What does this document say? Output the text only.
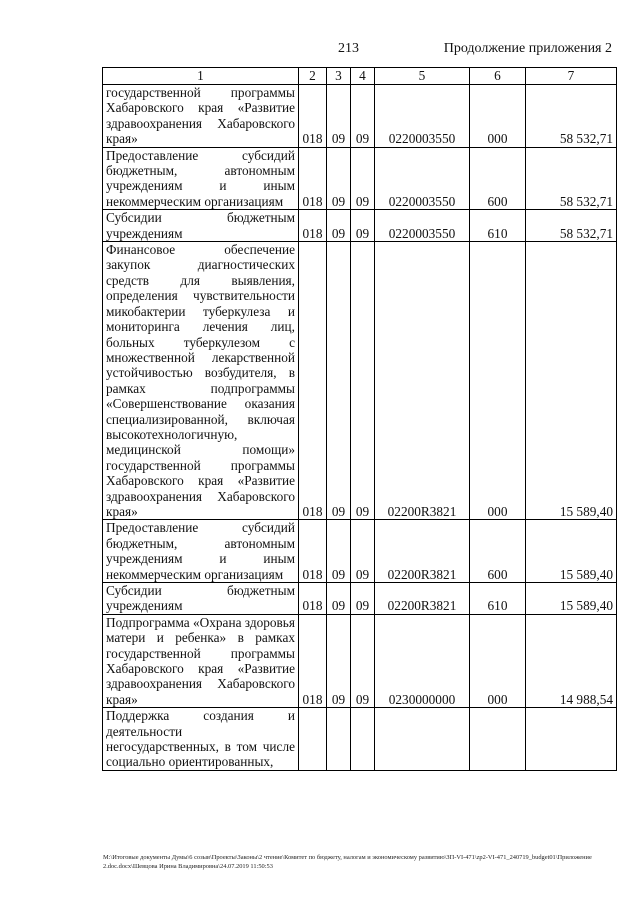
213	Продолжение приложения 2
1	2	3	4	5	6	7
государственной программы Хабаровского края «Развитие здравоохранения Хабаровского края»	018	09	09	0220003550	000	58 532,71
Предоставление субсидий бюджетным, автономным учреждениям и иным некоммерческим организациям	018	09	09	0220003550	600	58 532,71
Субсидии бюджетным учреждениям	018	09	09	0220003550	610	58 532,71
Финансовое обеспечение закупок диагностических средств для выявления, определения чувствительности микобактерии туберкулеза и мониторинга лечения лиц, больных туберкулезом с множественной лекарственной устойчивостью возбудителя, в рамках подпрограммы «Совершенствование оказания специализированной, включая высокотехнологичную, медицинской помощи» государственной программы Хабаровского края «Развитие здравоохранения Хабаровского края»	018	09	09	02200R3821	000	15 589,40
Предоставление субсидий бюджетным, автономным учреждениям и иным некоммерческим организациям	018	09	09	02200R3821	600	15 589,40
Субсидии бюджетным учреждениям	018	09	09	02200R3821	610	15 589,40
Подпрограмма «Охрана здоровья матери и ребенка» в рамках государственной программы Хабаровского края «Развитие здравоохранения Хабаровского края»	018	09	09	0230000000	000	14 988,54
Поддержка создания и деятельности негосударственных, в том числе социально ориентированных,						
M:\Итоговые документы Думы\6 созыв\Проекты\Законы\2 чтение\Комитет по бюджету, налогам и экономическому развитию\ЗП-VI-471\zp2-VI-471_240719_budget01\Приложение 2.doc.docx\Шевцова Ирина Владимировна\24.07.2019 11:50:53
